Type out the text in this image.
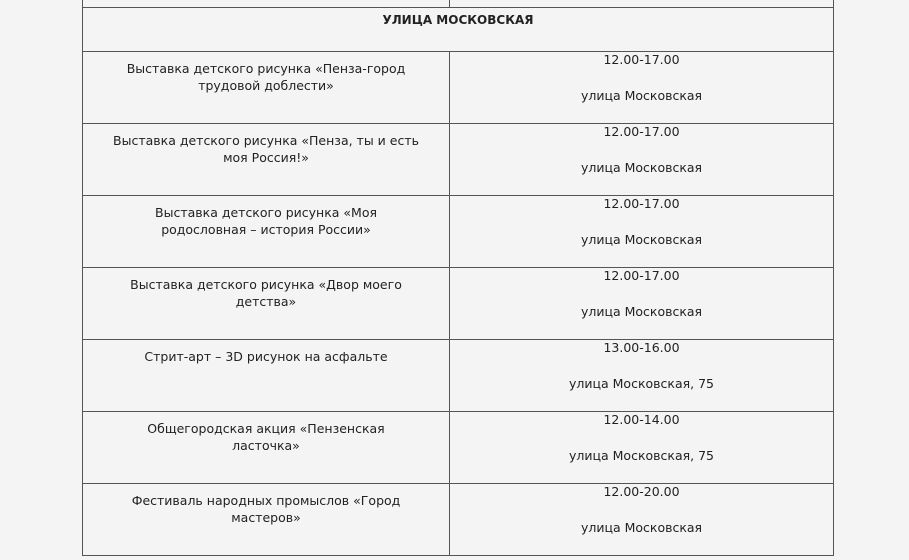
УЛИЦА МОСКОВСКАЯ	

Выставка детского рисунка «Пенза-город трудовой доблести»	12.00-17.00
улица Московская

Выставка детского рисунка «Пенза, ты и есть моя Россия!»	12.00-17.00
улица Московская

Выставка детского рисунка «Моя родословная – история России»	12.00-17.00
улица Московская

Выставка детского рисунка «Двор моего детства»	12.00-17.00
улица Московская

Стрит-арт – 3D рисунок на асфальте	13.00-16.00
улица Московская, 75

Общегородская акция «Пензенская ласточка»	12.00-14.00
улица Московская, 75

Фестиваль народных промыслов «Город мастеров»	12.00-20.00
улица Московская
